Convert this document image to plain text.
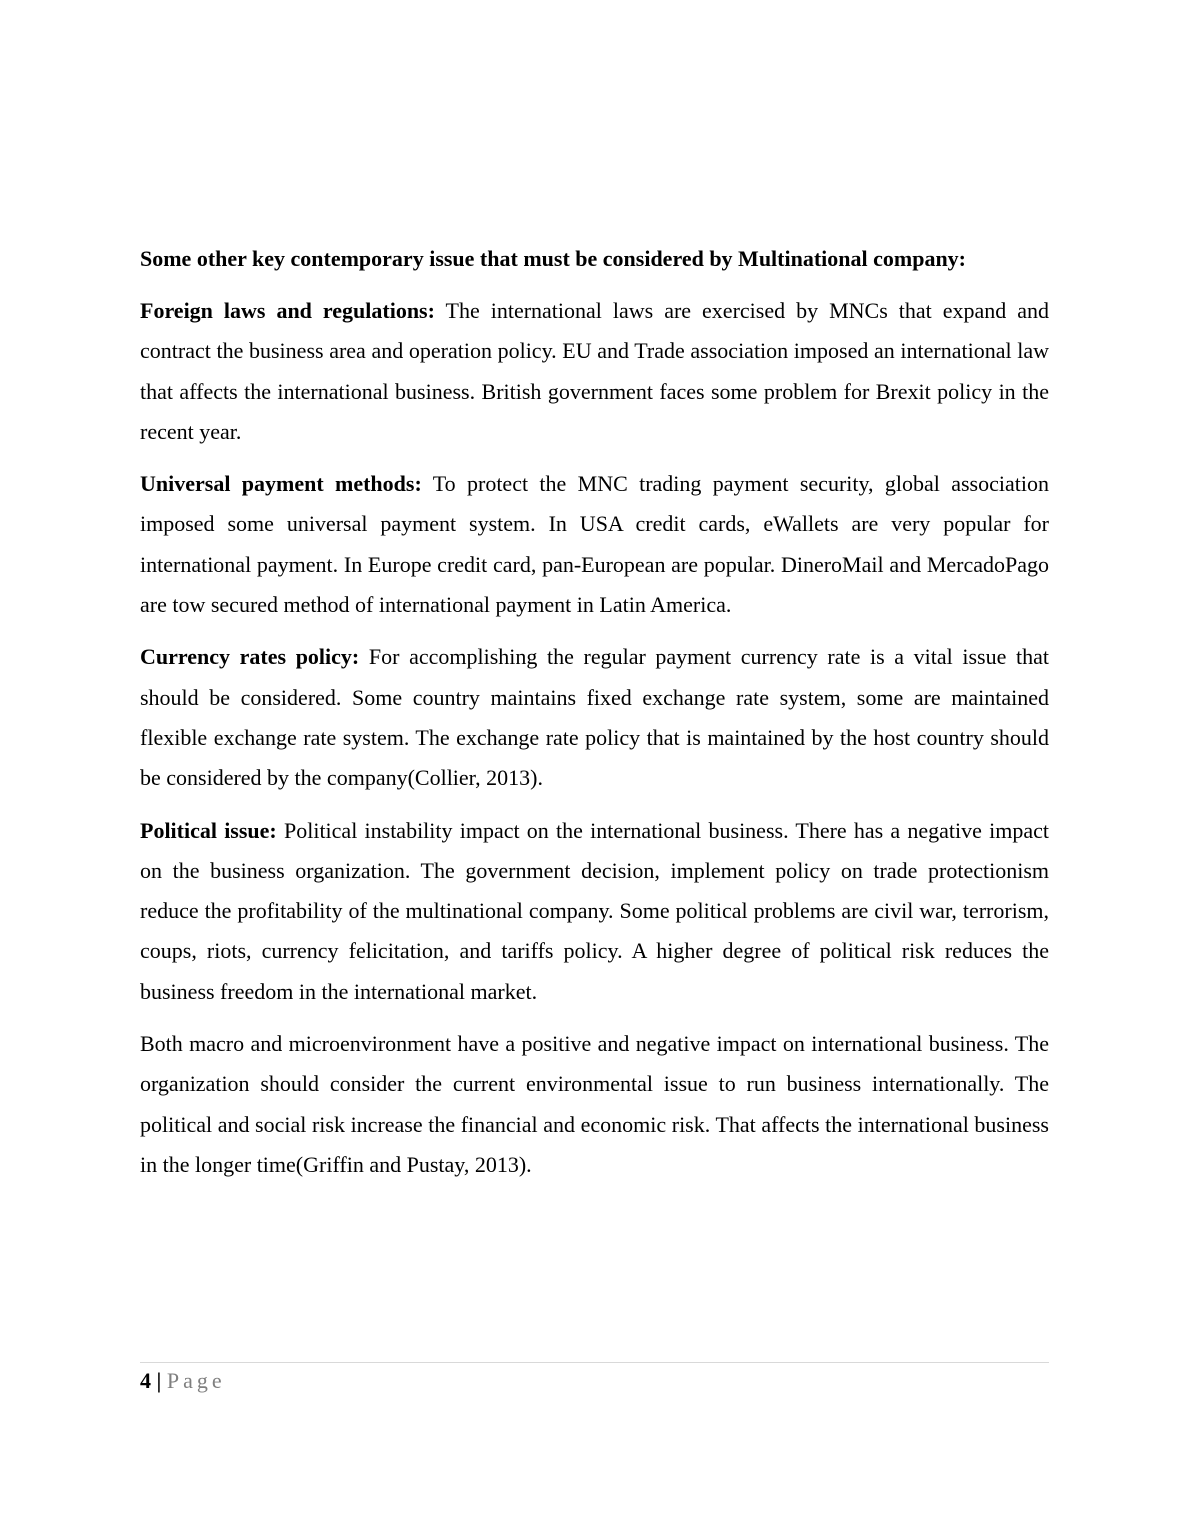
Some other key contemporary issue that must be considered by Multinational company:

Foreign laws and regulations: The international laws are exercised by MNCs that expand and contract the business area and operation policy. EU and Trade association imposed an international law that affects the international business. British government faces some problem for Brexit policy in the recent year.

Universal payment methods: To protect the MNC trading payment security, global association imposed some universal payment system. In USA credit cards, eWallets are very popular for international payment. In Europe credit card, pan-European are popular. DineroMail and MercadoPago are tow secured method of international payment in Latin America.

Currency rates policy: For accomplishing the regular payment currency rate is a vital issue that should be considered. Some country maintains fixed exchange rate system, some are maintained flexible exchange rate system. The exchange rate policy that is maintained by the host country should be considered by the company(Collier, 2013).

Political issue: Political instability impact on the international business. There has a negative impact on the business organization. The government decision, implement policy on trade protectionism reduce the profitability of the multinational company. Some political problems are civil war, terrorism, coups, riots, currency felicitation, and tariffs policy. A higher degree of political risk reduces the business freedom in the international market.

Both macro and microenvironment have a positive and negative impact on international business. The organization should consider the current environmental issue to run business internationally. The political and social risk increase the financial and economic risk. That affects the international business in the longer time(Griffin and Pustay, 2013).

4 | Page
